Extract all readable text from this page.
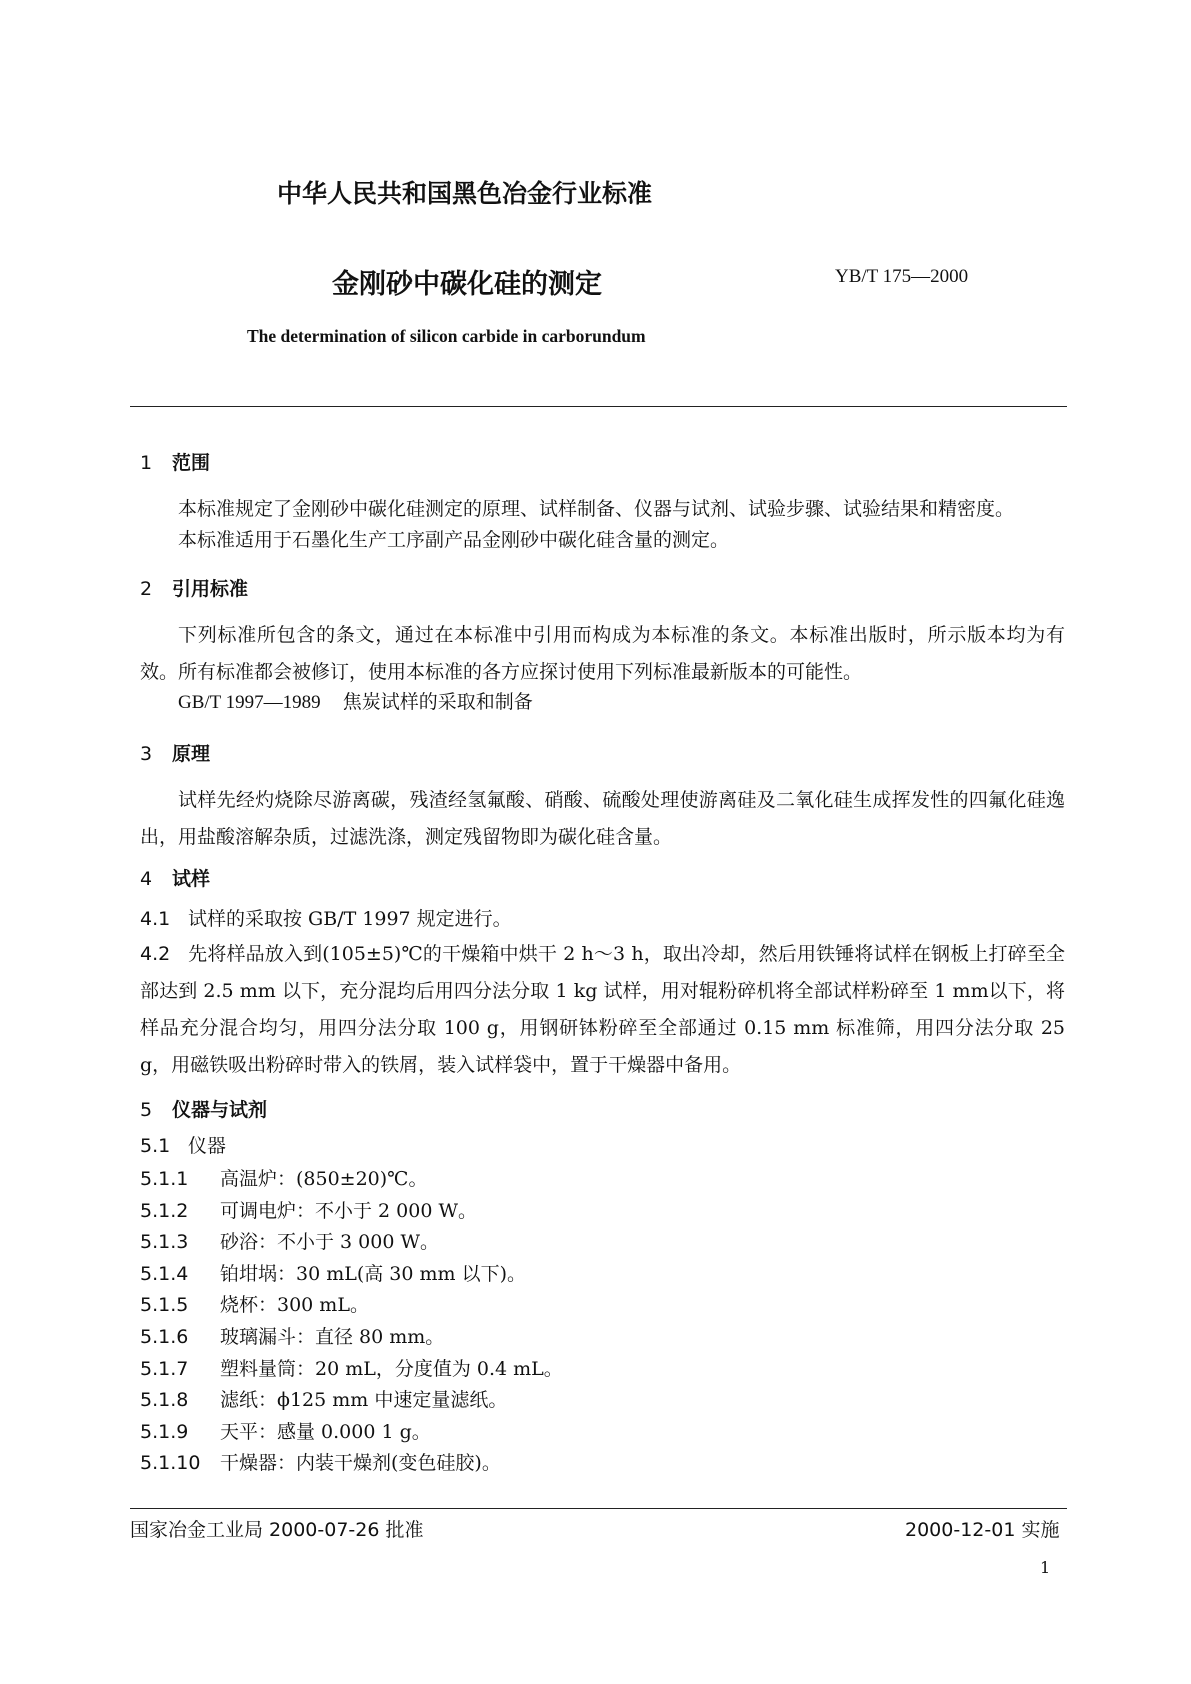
中华人民共和国黑色冶金行业标准
金刚砂中碳化硅的测定	YB/T 175—2000
The determination of silicon carbide in carborundum
1 范围
本标准规定了金刚砂中碳化硅测定的原理、试样制备、仪器与试剂、试验步骤、试验结果和精密度。
本标准适用于石墨化生产工序副产品金刚砂中碳化硅含量的测定。
2 引用标准
下列标准所包含的条文，通过在本标准中引用而构成为本标准的条文。本标准出版时，所示版本均为有效。所有标准都会被修订，使用本标准的各方应探讨使用下列标准最新版本的可能性。
GB/T 1997—1989 焦炭试样的采取和制备
3 原理
试样先经灼烧除尽游离碳，残渣经氢氟酸、硝酸、硫酸处理使游离硅及二氧化硅生成挥发性的四氟化硅逸出，用盐酸溶解杂质，过滤洗涤，测定残留物即为碳化硅含量。
4 试样
4.1 试样的采取按 GB/T 1997 规定进行。
4.2 先将样品放入到(105±5)℃的干燥箱中烘干 2 h～3 h，取出冷却，然后用铁锤将试样在钢板上打碎至全部达到 2.5 mm 以下，充分混均后用四分法分取 1 kg 试样，用对辊粉碎机将全部试样粉碎至 1 mm以下，将样品充分混合均匀，用四分法分取 100 g，用钢研钵粉碎至全部通过 0.15 mm 标准筛，用四分法分取 25 g，用磁铁吸出粉碎时带入的铁屑，装入试样袋中，置于干燥器中备用。
5 仪器与试剂
5.1 仪器
5.1.1 高温炉：(850±20)℃。
5.1.2 可调电炉：不小于 2 000 W。
5.1.3 砂浴：不小于 3 000 W。
5.1.4 铂坩埚：30 mL(高 30 mm 以下)。
5.1.5 烧杯：300 mL。
5.1.6 玻璃漏斗：直径 80 mm。
5.1.7 塑料量筒：20 mL，分度值为 0.4 mL。
5.1.8 滤纸：ϕ125 mm 中速定量滤纸。
5.1.9 天平：感量 0.000 1 g。
5.1.10 干燥器：内装干燥剂(变色硅胶)。
国家冶金工业局 2000-07-26 批准	2000-12-01 实施
1
